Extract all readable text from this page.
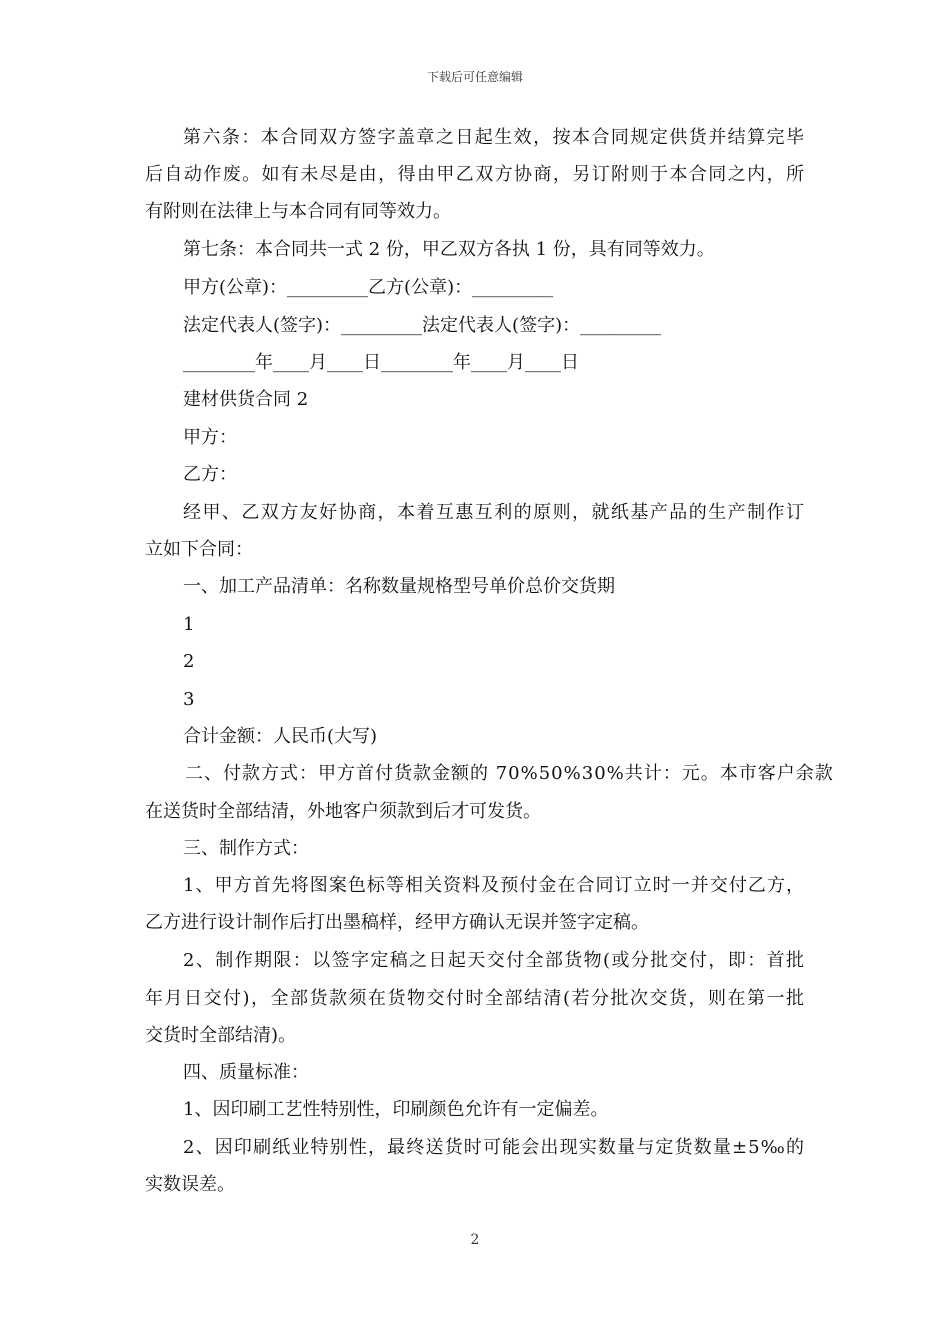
下载后可任意编辑
第六条：本合同双方签字盖章之日起生效，按本合同规定供货并结算完毕
后自动作废。如有未尽是由，得由甲乙双方协商，另订附则于本合同之内，所
有附则在法律上与本合同有同等效力。
第七条：本合同共一式 2 份，甲乙双方各执 1 份，具有同等效力。
甲方(公章)：_________乙方(公章)：_________
法定代表人(签字)：_________法定代表人(签字)：_________
________年____月____日________年____月____日
建材供货合同 2
甲方：
乙方：
经甲、乙双方友好协商，本着互惠互利的原则，就纸基产品的生产制作订
立如下合同：
一、加工产品清单：名称数量规格型号单价总价交货期
1
2
3
合计金额：人民币(大写)
二、付款方式：甲方首付货款金额的 70%50%30%共计：元。本市客户余款
在送货时全部结清，外地客户须款到后才可发货。
三、制作方式：
1、甲方首先将图案色标等相关资料及预付金在合同订立时一并交付乙方，
乙方进行设计制作后打出墨稿样，经甲方确认无误并签字定稿。
2、制作期限：以签字定稿之日起天交付全部货物(或分批交付，即：首批
年月日交付)，全部货款须在货物交付时全部结清(若分批次交货，则在第一批
交货时全部结清)。
四、质量标准：
1、因印刷工艺性特别性，印刷颜色允许有一定偏差。
2、因印刷纸业特别性，最终送货时可能会出现实数量与定货数量±5‰的
实数误差。
2
